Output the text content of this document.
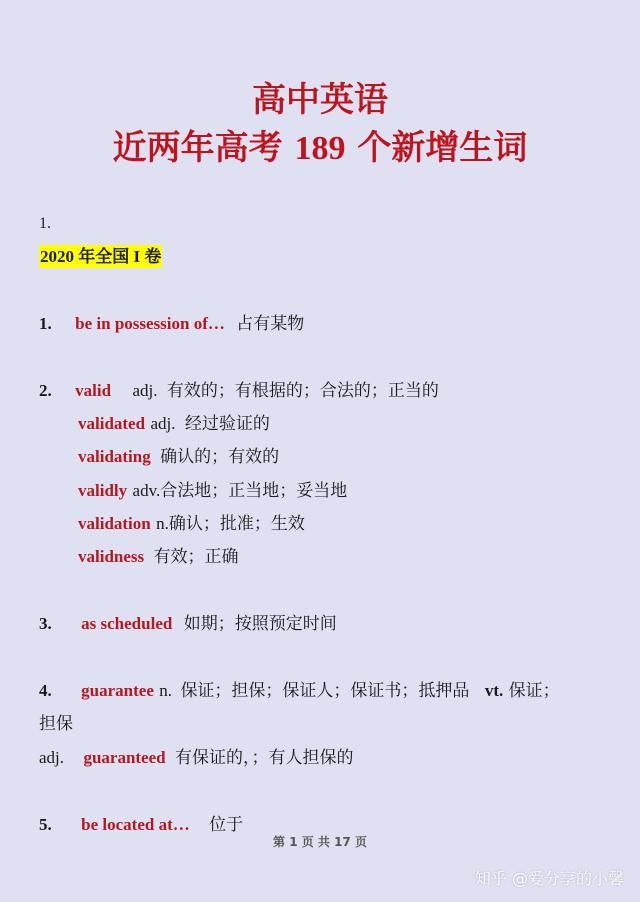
高中英语
近两年高考 189 个新增生词
1.
2020 年全国 I 卷
1. be in possession of… 占有某物
2. valid adj. 有效的；有根据的；合法的；正当的
validated adj. 经过验证的
validating 确认的；有效的
validly adv.合法地；正当地；妥当地
validation n.确认；批准；生效
validness 有效；正确
3. as scheduled 如期；按照预定时间
4. guarantee n. 保证；担保；保证人；保证书；抵押品 vt. 保证；
担保
adj. guaranteed 有保证的，；有人担保的
5. be located at… 位于
第 1 页 共 17 页
知乎 @爱分享的小馨
